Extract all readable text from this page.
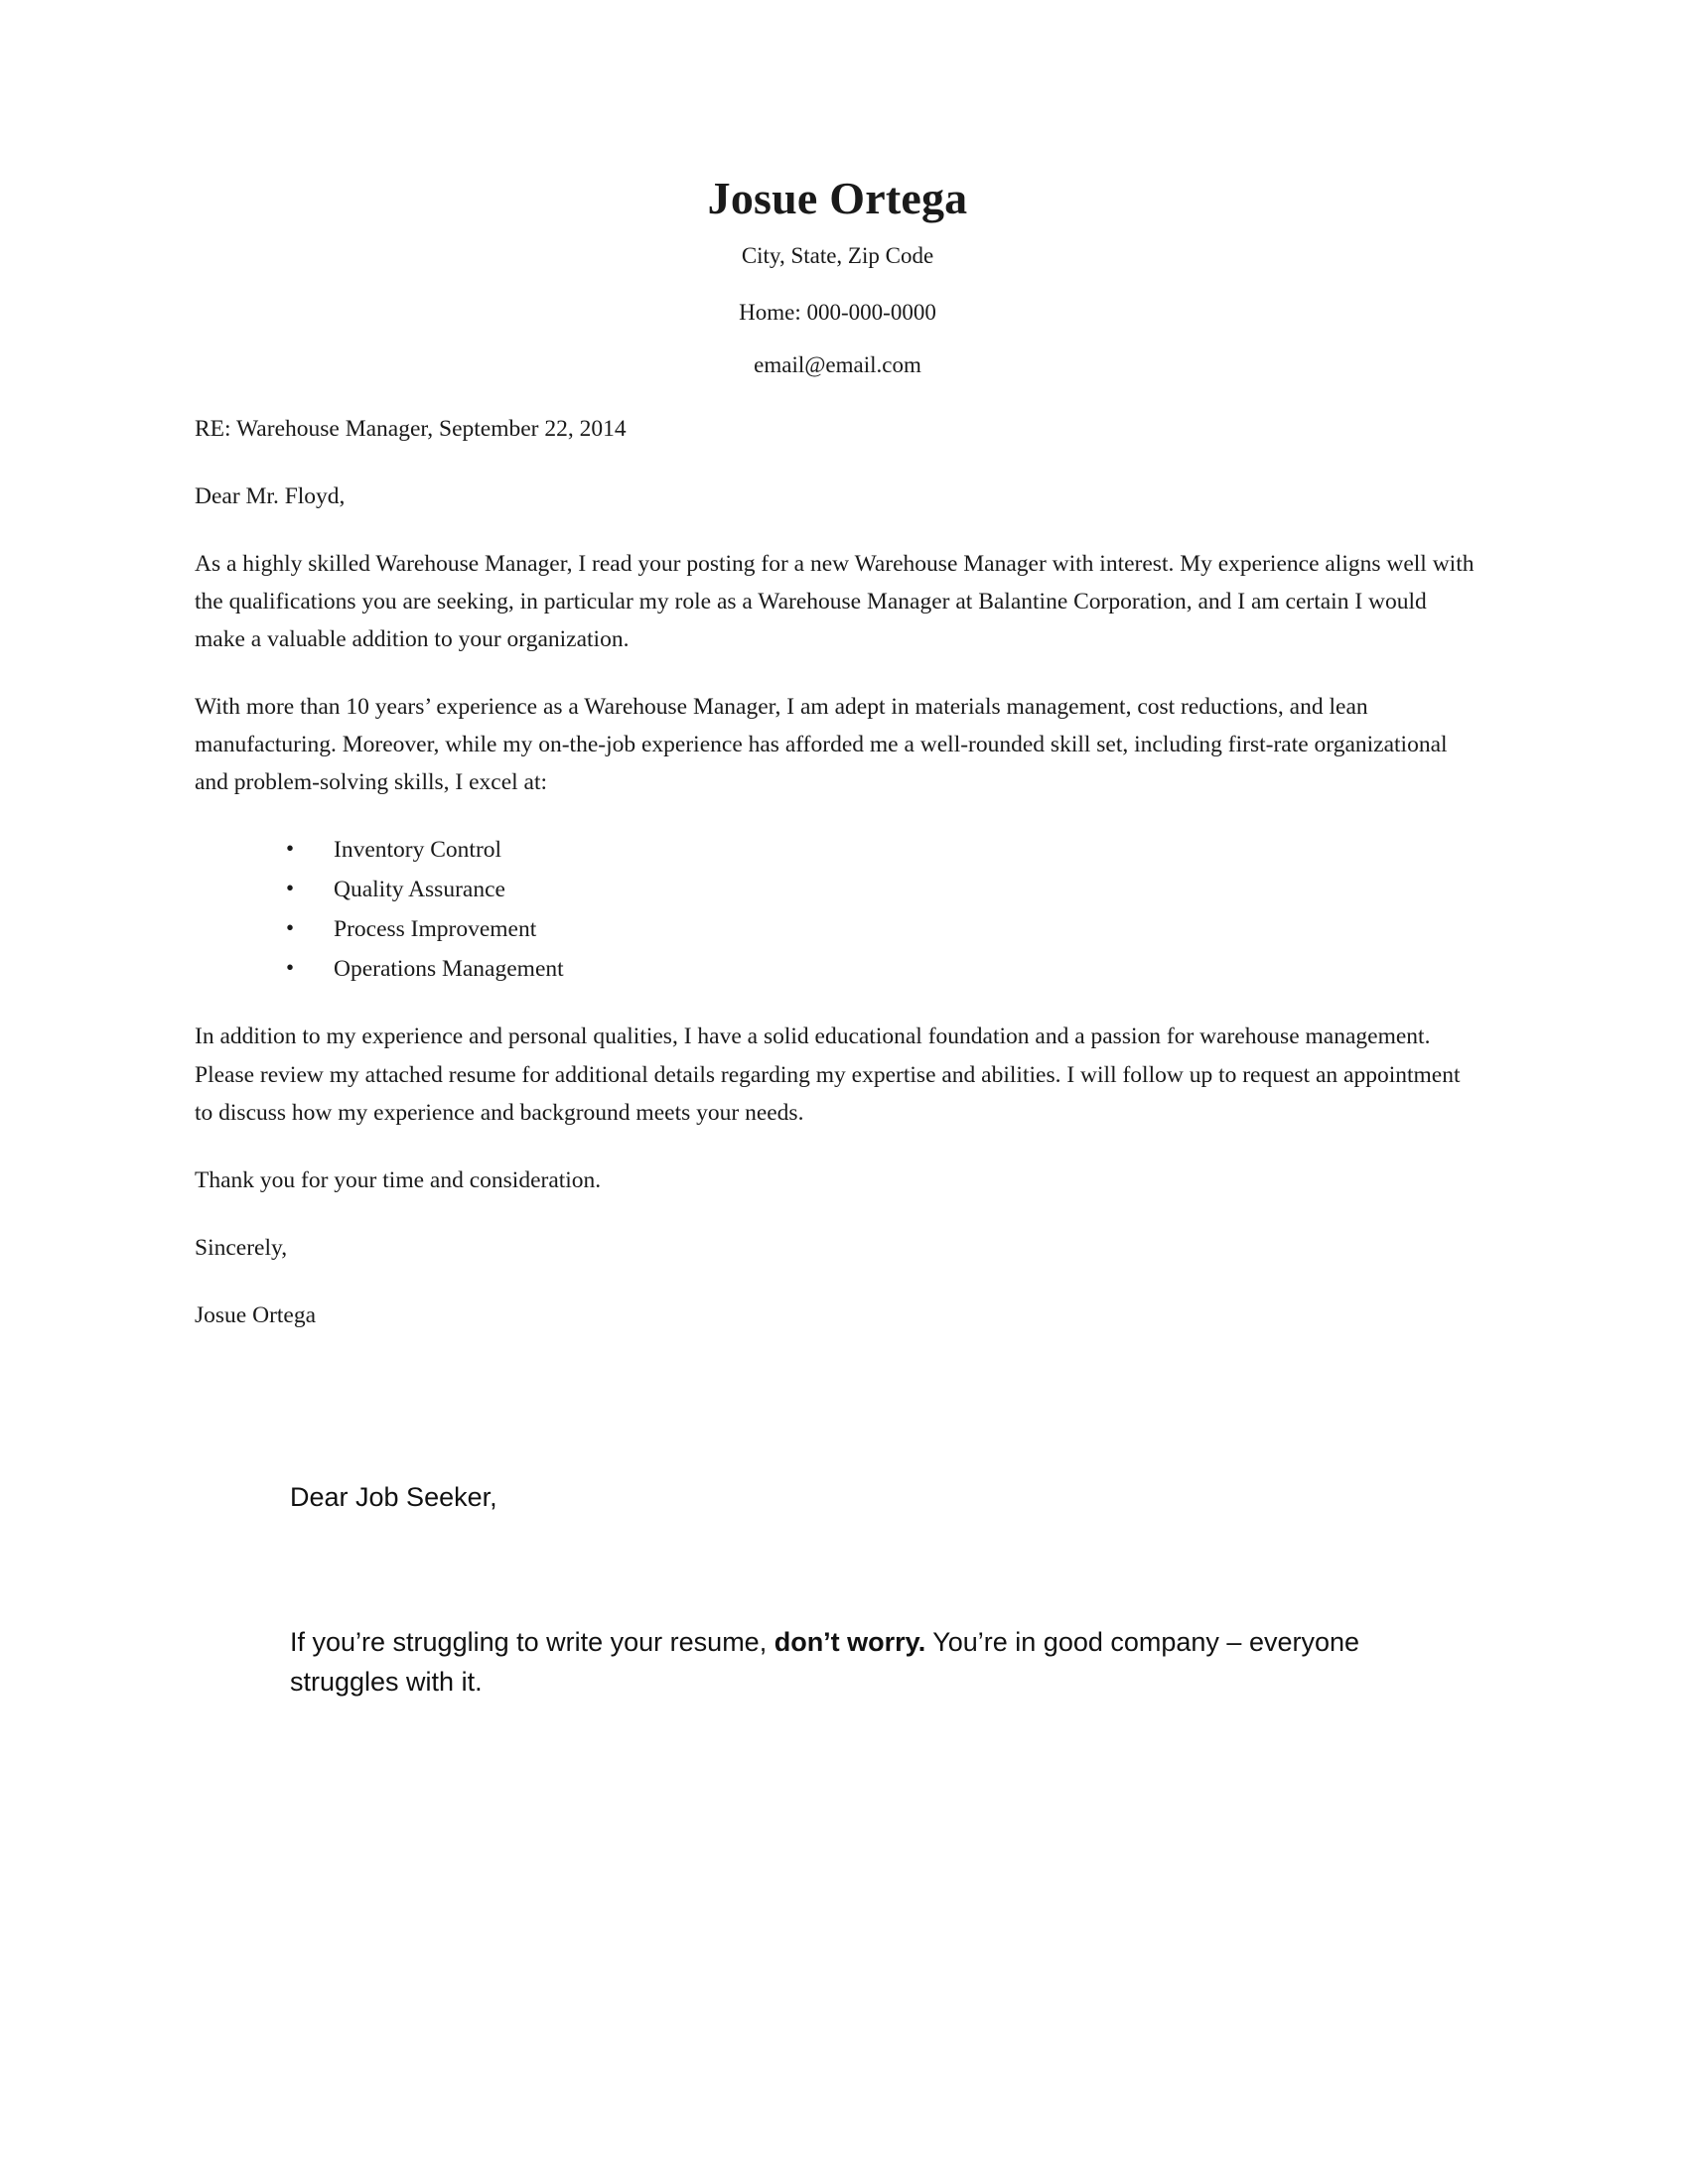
Josue Ortega

City, State, Zip Code

Home: 000-000-0000

email@email.com

RE: Warehouse Manager, September 22, 2014

Dear Mr. Floyd,

As a highly skilled Warehouse Manager, I read your posting for a new Warehouse Manager with interest. My experience aligns well with the qualifications you are seeking, in particular my role as a Warehouse Manager at Balantine Corporation, and I am certain I would make a valuable addition to your organization.

With more than 10 years’ experience as a Warehouse Manager, I am adept in materials management, cost reductions, and lean manufacturing. Moreover, while my on-the-job experience has afforded me a well-rounded skill set, including first-rate organizational and problem-solving skills, I excel at:

• Inventory Control
• Quality Assurance
• Process Improvement
• Operations Management

In addition to my experience and personal qualities, I have a solid educational foundation and a passion for warehouse management. Please review my attached resume for additional details regarding my expertise and abilities. I will follow up to request an appointment to discuss how my experience and background meets your needs.

Thank you for your time and consideration.

Sincerely,

Josue Ortega

Dear Job Seeker,

If you’re struggling to write your resume, don’t worry. You’re in good company – everyone struggles with it.
